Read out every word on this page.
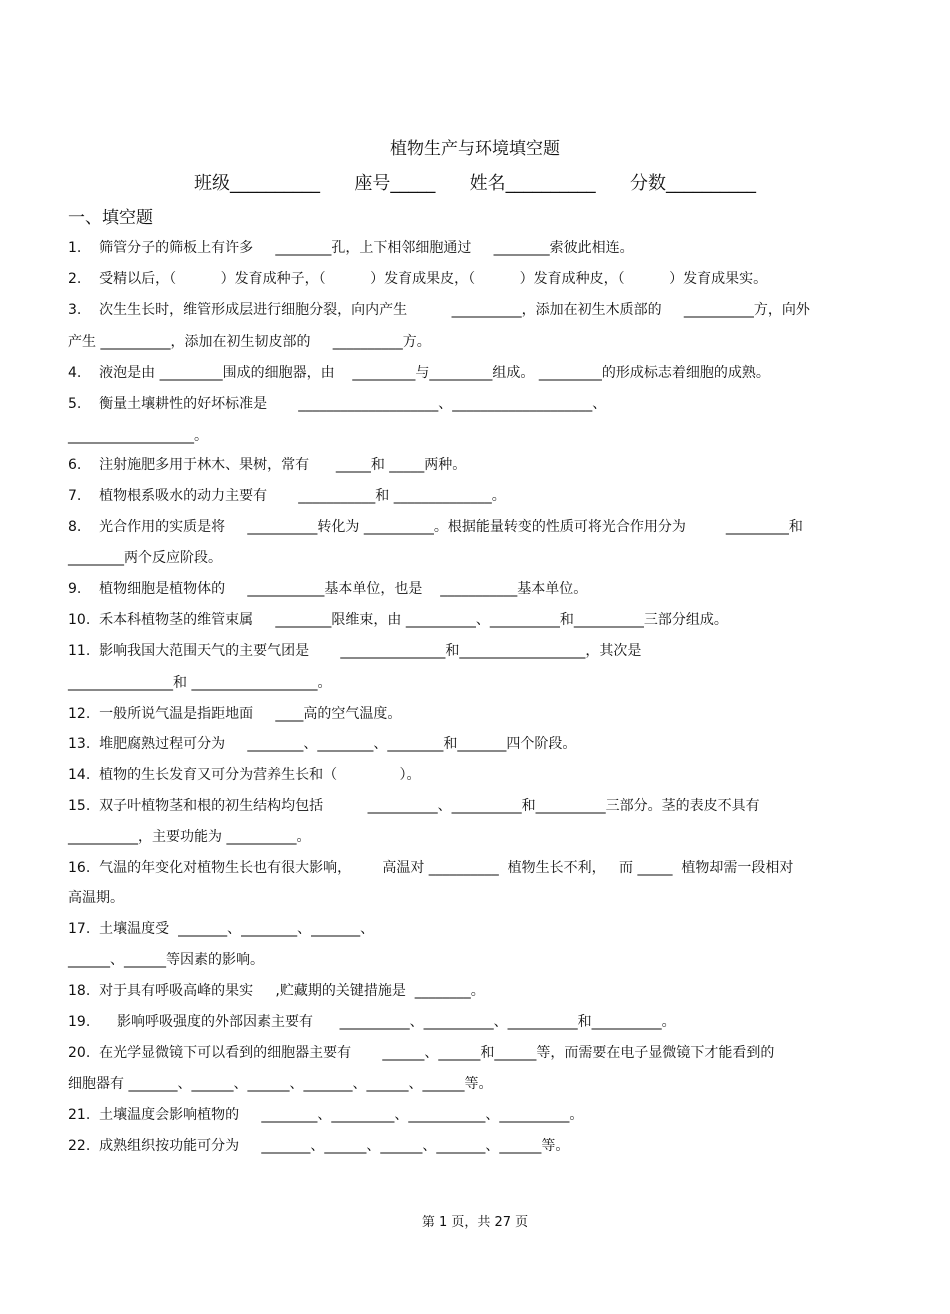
植物生产与环境填空题
班级__________      座号_____      姓名__________      分数__________
一、填空题
1.    筛管分子的筛板上有许多     ________孔，上下相邻细胞通过     ________索彼此相连。
2.    受精以后，（          ）发育成种子，（          ）发育成果皮，（          ）发育成种皮，（          ）发育成果实。
3.    次生生长时，维管形成层进行细胞分裂，向内产生          __________，添加在初生木质部的     __________方，向外
产生 __________，添加在初生韧皮部的     __________方。
4.    液泡是由 _________围成的细胞器，由    _________与_________组成。 _________的形成标志着细胞的成熟。
5.    衡量土壤耕性的好坏标准是       ____________________、____________________、
__________________。
6.    注射施肥多用于林木、果树，常有      _____和 _____两种。
7.    植物根系吸水的动力主要有       ___________和 ______________。
8.    光合作用的实质是将     __________转化为 __________。根据能量转变的性质可将光合作用分为         _________和
________两个反应阶段。
9.    植物细胞是植物体的     ___________基本单位，也是    ___________基本单位。
10.  禾本科植物茎的维管束属     ________限维束，由 __________、__________和__________三部分组成。
11.  影响我国大范围天气的主要气团是       _______________和__________________，其次是
_______________和 __________________。
12.  一般所说气温是指距地面     ____高的空气温度。
13.  堆肥腐熟过程可分为     ________、________、________和_______四个阶段。
14.  植物的生长发育又可分为营养生长和（              ）。
15.  双子叶植物茎和根的初生结构均包括          __________、__________和__________三部分。茎的表皮不具有
__________，主要功能为 __________。
16.  气温的年变化对植物生长也有很大影响，       高温对 __________  植物生长不利，   而 _____  植物却需一段相对
高温期。
17.  土壤温度受  _______、________、_______、
______、______等因素的影响。
18.  对于具有呼吸高峰的果实     ,贮藏期的关键措施是  ________。
19.      影响呼吸强度的外部因素主要有      __________、__________、__________和__________。
20.  在光学显微镜下可以看到的细胞器主要有       ______、______和______等，而需要在电子显微镜下才能看到的
细胞器有 _______、______、______、_______、______、______等。
21.  土壤温度会影响植物的     ________、_________、___________、__________。
22.  成熟组织按功能可分为     _______、______、______、_______、______等。
第 1 页，共 27 页
